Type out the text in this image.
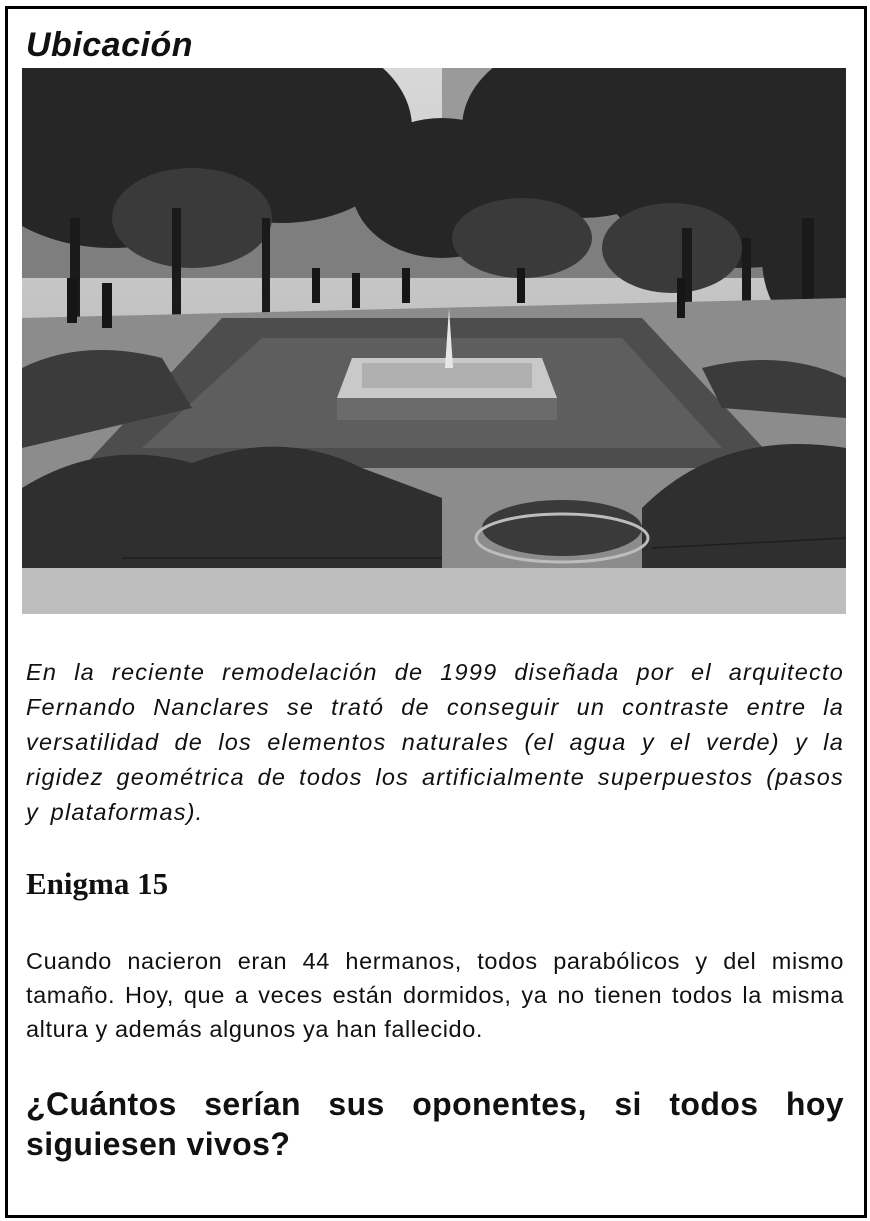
Ubicación
En la reciente remodelación de 1999 diseñada por el arquitecto Fernando Nanclares se trató de conseguir un contraste entre la versatilidad de los elementos naturales (el agua y el verde) y la rigidez geométrica de todos los artificialmente superpuestos (pasos y plataformas).
Enigma 15
Cuando nacieron eran 44 hermanos, todos parabólicos y del mismo tamaño. Hoy, que a veces están dormidos, ya no tienen todos la misma altura y además algunos ya han fallecido.
¿Cuántos serían sus oponentes, si todos hoy siguiesen vivos?
